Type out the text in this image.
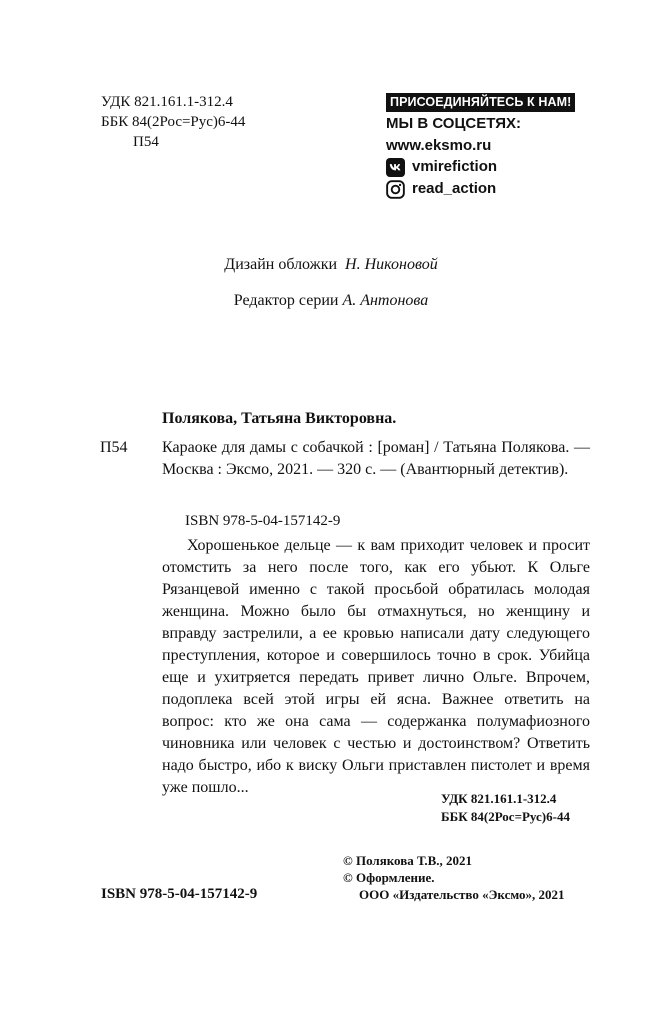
УДК 821.161.1-312.4
ББК 84(2Рос=Рус)6-44
П54
ПРИСОЕДИНЯЙТЕСЬ К НАМ!
МЫ В СОЦСЕТЯХ:
www.eksmo.ru
vmirefiction
read_action
Дизайн обложки Н. Никоновой
Редактор серии А. Антонова
Полякова, Татьяна Викторовна.
П54 Караоке для дамы с собачкой : [роман] / Татьяна Полякова. — Москва : Эксмо, 2021. — 320 с. — (Авантюрный детектив).
ISBN 978-5-04-157142-9

Хорошенькое дельце — к вам приходит человек и просит отомстить за него после того, как его убьют. К Ольге Рязанцевой именно с такой просьбой обратилась молодая женщина. Можно было бы отмахнуться, но женщину и вправду застрелили, а ее кровью написали дату следующего преступления, которое и совершилось точно в срок. Убийца еще и ухитряется передать привет лично Ольге. Впрочем, подоплека всей этой игры ей ясна. Важнее ответить на вопрос: кто же она сама — содержанка полумафиозного чиновника или человек с честью и достоинством? Ответить надо быстро, ибо к виску Ольги приставлен пистолет и время уже пошло...

УДК 821.161.1-312.4
ББК 84(2Рос=Рус)6-44
© Полякова Т.В., 2021
© Оформление.
ООО «Издательство «Эксмо», 2021
ISBN 978-5-04-157142-9
